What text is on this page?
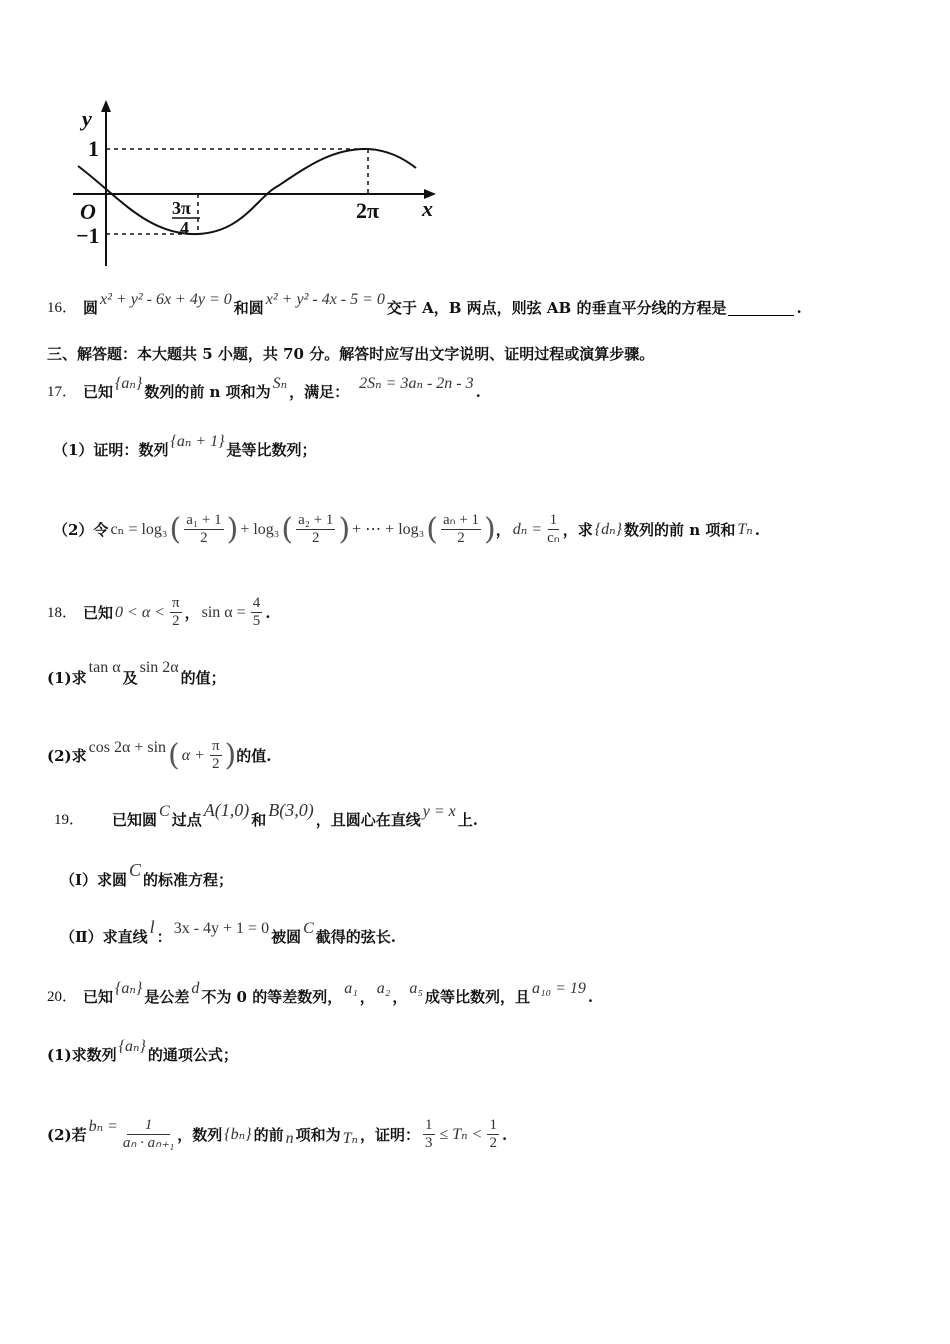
y
x
O
1
−1
3π
4
2π
16． 圆 x² + y² - 6x + 4y = 0 和圆 x² + y² - 4x - 5 = 0 交于 A，B 两点，则弦 AB 的垂直平分线的方程是	.
三、解答题：本大题共 5 小题，共 70 分。解答时应写出文字说明、证明过程或演算步骤。
17． 已知 {aₙ} 数列的前 n 项和为 Sₙ ，满足： 2Sₙ = 3aₙ - 2n - 3 .
（1）证明：数列 {aₙ + 1} 是等比数列；
（2）令 cₙ = log₃ ( $\frac{\text{a₁ + 1}}{2}$ ) + log₃ ( $\frac{\text{a₂ + 1}}{2}$ ) + ⋯ + log₃ ( $\frac{\text{aₙ + 1}}{2}$ ) ， $d_n = \frac{1}{\text{cₙ}}$ ，求 {dₙ} 数列的前 n 项和 Tₙ .
18． 已知 $0 < \alpha < \frac{\pi}{2}$ ， $\sin \alpha = \frac{4}{5}$ .
(1)求
tan α
及
sin 2α
的值；
(2)求 cos 2α + sin ( $\alpha + \frac{\pi}{2}$ ) 的值.
19． 已知圆 C 过点 A(1,0) 和 B(3,0) ，且圆心在直线 y = x 上.
（Ⅰ）求圆 C 的标准方程；
（Ⅱ）求直线 l ： 3x - 4y + 1 = 0 被圆 C 截得的弦长.
20． 已知 {aₙ} 是公差 d 不为 0 的等差数列， a₁ ， a₂ ， a₅ 成等比数列，且 a₁₀ = 19 .
(1)求数列 {aₙ} 的通项公式；
(2)若 $b_n = \frac{1}{\text{aₙ · aₙ₊₁}}$ ，数列 {bₙ} 的前 n 项和为 Tₙ ，证明： $\frac{1}{3} \le T_n < \frac{1}{2}$ .
